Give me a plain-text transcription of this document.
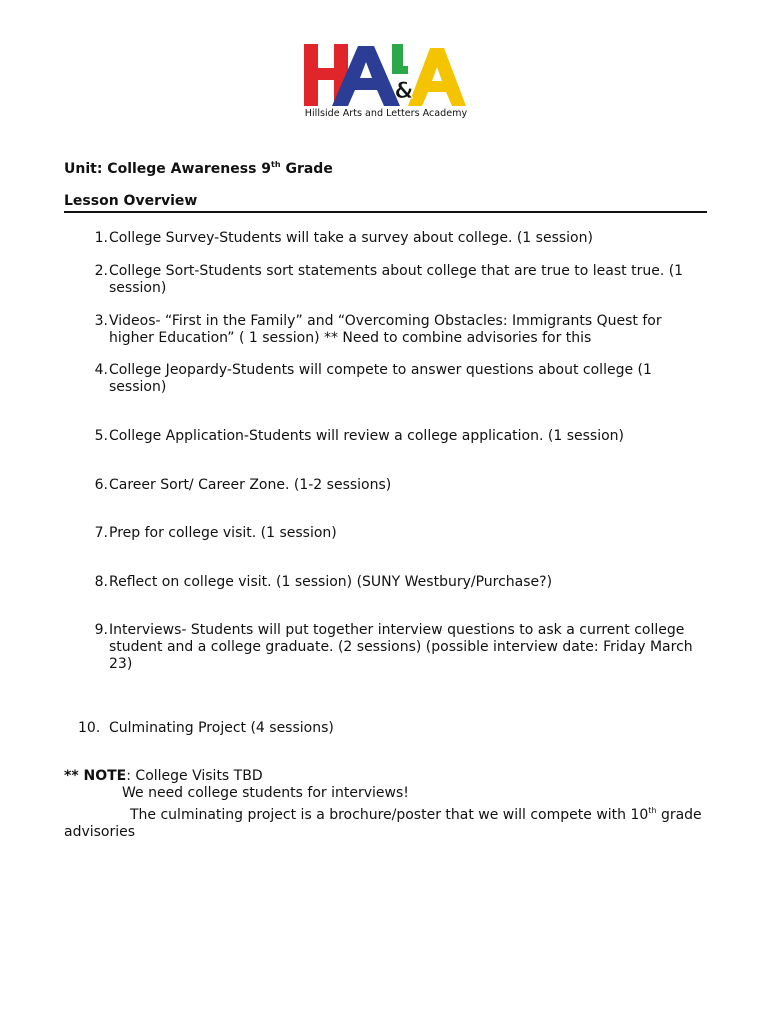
&
Hillside Arts and Letters Academy
Unit: College Awareness 9th Grade
Lesson Overview
1. College Survey-Students will take a survey about college. (1 session)
2. College Sort-Students sort statements about college that are true to least true. (1 session)
3. Videos- “First in the Family” and “Overcoming Obstacles: Immigrants Quest for higher Education” ( 1 session) ** Need to combine advisories for this
4. College Jeopardy-Students will compete to answer questions about college (1 session)
5. College Application-Students will review a college application. (1 session)
6. Career Sort/ Career Zone. (1-2 sessions)
7. Prep for college visit. (1 session)
8. Reflect on college visit. (1 session) (SUNY Westbury/Purchase?)
9. Interviews- Students will put together interview questions to ask a current college student and a college graduate. (2 sessions) (possible interview date: Friday March 23)
10. Culminating Project (4 sessions)
** NOTE: College Visits TBD
We need college students for interviews!
The culminating project is a brochure/poster that we will compete with 10th grade
advisories
